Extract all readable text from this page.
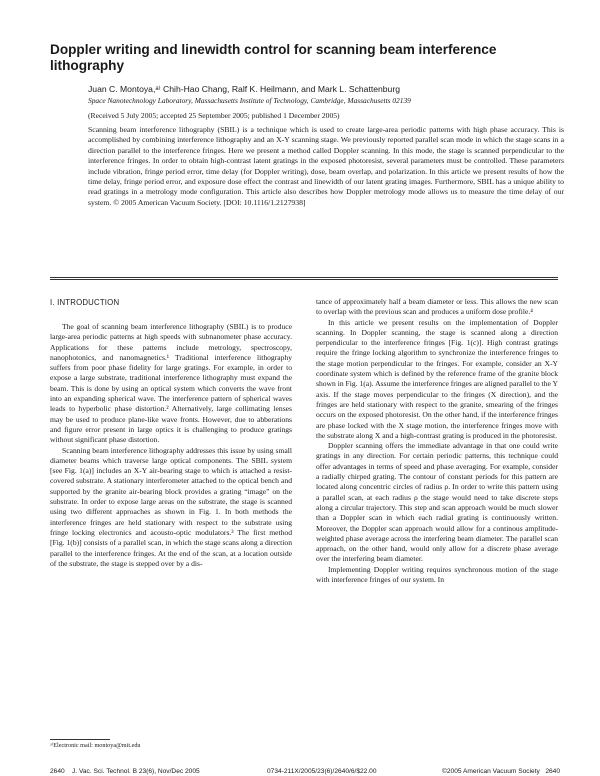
Doppler writing and linewidth control for scanning beam interference lithography
Juan C. Montoya,ᵃ⁾ Chih-Hao Chang, Ralf K. Heilmann, and Mark L. Schattenburg
Space Nanotechnology Laboratory, Massachusetts Institute of Technology, Cambridge, Massachusetts 02139
(Received 5 July 2005; accepted 25 September 2005; published 1 December 2005)
Scanning beam interference lithography (SBIL) is a technique which is used to create large-area periodic patterns with high phase accuracy. This is accomplished by combining interference lithography and an X-Y scanning stage. We previously reported parallel scan mode in which the stage scans in a direction parallel to the interference fringes. Here we present a method called Doppler scanning. In this mode, the stage is scanned perpendicular to the interference fringes. In order to obtain high-contrast latent gratings in the exposed photoresist, several parameters must be controlled. These parameters include vibration, fringe period error, time delay (for Doppler writing), dose, beam overlap, and polarization. In this article we present results of how the time delay, fringe period error, and exposure dose effect the contrast and linewidth of our latent grating images. Furthermore, SBIL has a unique ability to read gratings in a metrology mode configuration. This article also describes how Doppler metrology mode allows us to measure the time delay of our system. © 2005 American Vacuum Society. [DOI: 10.1116/1.2127938]
I. INTRODUCTION

The goal of scanning beam interference lithography (SBIL) is to produce large-area periodic patterns at high speeds with subnanometer phase accuracy. Applications for these patterns include metrology, spectroscopy, nanophotonics, and nanomagnetics.¹ Traditional interference lithography suffers from poor phase fidelity for large gratings. For example, in order to expose a large substrate, traditional interference lithography must expand the beam. This is done by using an optical system which converts the wave front into an expanding spherical wave. The interference pattern of spherical waves leads to hyperbolic phase distortion.² Alternatively, large collimating lenses may be used to produce plane-like wave fronts. However, due to abberations and figure error present in large optics it is challenging to produce gratings without significant phase distortion.

Scanning beam interference lithography addresses this issue by using small diameter beams which traverse large optical components. The SBIL system [see Fig. 1(a)] includes an X-Y air-bearing stage to which is attached a resist-covered substrate. A stationary interferometer attached to the optical bench and supported by the granite air-bearing block provides a grating “image” on the substrate. In order to expose large areas on the substrate, the stage is scanned using two different approaches as shown in Fig. 1. In both methods the interference fringes are held stationary with respect to the substrate using fringe locking electronics and acousto-optic modulators.³ The first method [Fig. 1(b)] consists of a parallel scan, in which the stage scans along a direction parallel to the interference fringes. At the end of the scan, at a location outside of the substrate, the stage is stepped over by a dis-

tance of approximately half a beam diameter or less. This allows the new scan to overlap with the previous scan and produces a uniform dose profile.⁴

In this article we present results on the implementation of Doppler scanning. In Doppler scanning, the stage is scanned along a direction perpendicular to the interference fringes [Fig. 1(c)]. High contrast gratings require the fringe locking algorithm to synchronize the interference fringes to the stage motion perpendicular to the fringes. For example, consider an X-Y coordinate system which is defined by the reference frame of the granite block shown in Fig. 1(a). Assume the interference fringes are aligned parallel to the Y axis. If the stage moves perpendicular to the fringes (X direction), and the fringes are held stationary with respect to the granite, smearing of the fringes occurs on the exposed photoresist. On the other hand, if the interference fringes are phase locked with the X stage motion, the interference fringes move with the substrate along X and a high-contrast grating is produced in the photoresist.

Doppler scanning offers the immediate advantage in that one could write gratings in any direction. For certain periodic patterns, this technique could offer advantages in terms of speed and phase averaging. For example, consider a radially chirped grating. The contour of constant periods for this pattern are located along concentric circles of radius ρ. In order to write this pattern using a parallel scan, at each radius ρ the stage would need to take discrete steps along a circular trajectory. This step and scan approach would be much slower than a Doppler scan in which each radial grating is continuously written. Moreover, the Doppler scan approach would allow for a continous amplitude-weighted phase average across the interfering beam diameter. The parallel scan approach, on the other hand, would only allow for a discrete phase average over the interfering beam diameter.

Implementing Doppler writing requires synchronous motion of the stage with interference fringes of our system. In

ᵃ⁾Electronic mail: montoya@mit.edu
2640 J. Vac. Sci. Technol. B 23(6), Nov/Dec 2005	0734-211X/2005/23(6)/2640/6/$22.00	©2005 American Vacuum Society 2640
